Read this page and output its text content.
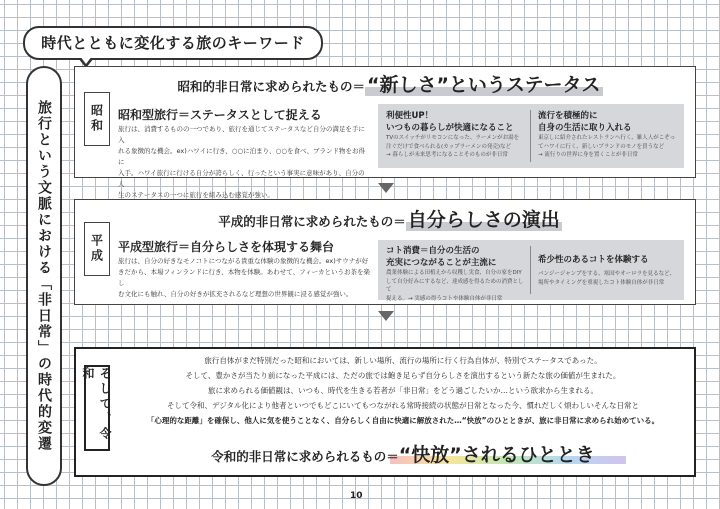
時代とともに変化する旅のキーワード
旅行という文脈における「非日常」の時代的変遷	昭和
昭和的非日常に求められたもの＝ “新しさ”というステータス
昭和型旅行＝ステータスとして捉える
旅行は、消費するものの一つであり、旅行を通じてステータスなど自分の満足を手に入
れる象徴的な機会。ex)ハワイに行き、○○に泊まり、○○を食べ、ブランド物をお得に
入手。ハワイ旅行に行ける自分が誇らしく、行ったという事実に意味があり、自分の人
生のステータスの一つに旅行を組み込む感覚が強い。
利便性UP！
いつもの暮らしが快適になること
TVのスイッチがリモコンになった、ラーメンがお湯を
注ぐだけで食べられる(カップラーメンの発売)など
→ 暮らしが未来思考になることそのものが非日常
流行を積極的に
自身の生活に取り入れる
東京しに紹介されたレストランへ行く、雑人人がこぞっ
てハワイに行く、新しいブランドのモノを買うなど
→ 流行りの世界に身を置くことが非日常
平成
平成的非日常に求められたもの＝ 自分らしさの演出
平成型旅行＝自分らしさを体現する舞台
旅行は、自分の好きなモノコトにつながる貴重な体験の象徴的な機会。ex)サウナが好
きだから、本場フィンランドに行き、本物を体験。あわせて、フィーカというお茶を楽し
む文化にも触れ、自分の好きが拡充されるなど理想の世界観に浸る感覚が強い。
コト消費＝自分の生活の
充実につながることが主流に
農業体験による田植えから収穫し実食、自分の家をDIY
して自分好みにするなど、達成感を得るための消費として
捉える。→ 実感の得うコトや体験自体が非日常
希少性のあるコトを体験する
バンジージャンプをする、寒国やオーロラを見るなど、
場所やタイミングを重視したコト体験自体が非日常
そして、令和
旅行自体がまだ特別だった昭和においては、新しい場所、流行の場所に行く行為自体が、特別でステータスであった。
そして、豊かさが当たり前になった平成には、ただの旅では飽き足らず自分らしさを演出するという新たな旅の価値が生まれた。
旅に求められる価値観は、いつも、時代を生きる若者が「非日常」をどう過ごしたいか…という欲求から生まれる。
そして令和、デジタル化により他者といつでもどこにいてもつながれる常時接続の状態が日常となった今、慣れだしく煩わしいそんな日常と
「心理的な距離」を確保し、他人に気を使うことなく、自分らしく自由に快適に解放された…“快放”のひとときが、旅に非日常に求められ始めている。
令和的非日常に求められるもの＝“快放”されるひととき
10
